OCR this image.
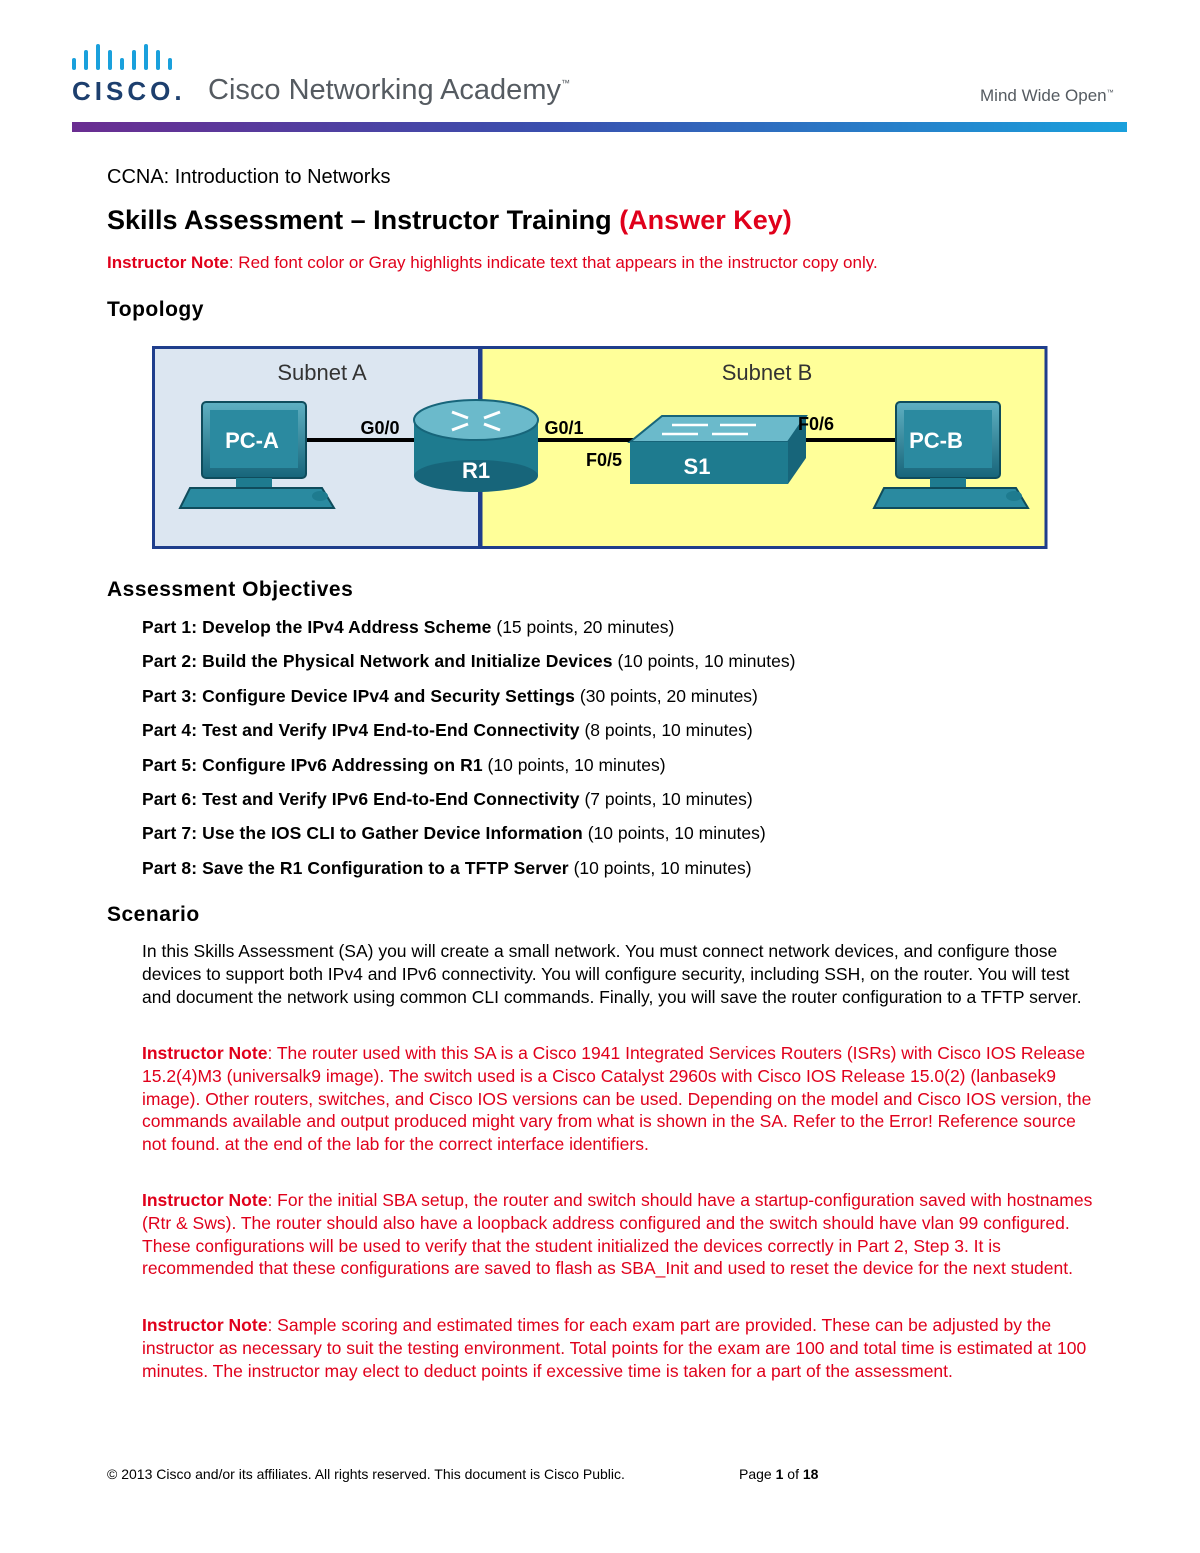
CISCO. Cisco Networking Academy™
Mind Wide Open™
CCNA: Introduction to Networks
Skills Assessment – Instructor Training (Answer Key)
Instructor Note: Red font color or Gray highlights indicate text that appears in the instructor copy only.
Topology
Subnet A	Subnet B
PC-A
R1
G0/0	G0/1
S1
F0/5
F0/6
PC-B
Assessment Objectives
Part 1: Develop the IPv4 Address Scheme (15 points, 20 minutes)
Part 2: Build the Physical Network and Initialize Devices (10 points, 10 minutes)
Part 3: Configure Device IPv4 and Security Settings (30 points, 20 minutes)
Part 4: Test and Verify IPv4 End-to-End Connectivity (8 points, 10 minutes)
Part 5: Configure IPv6 Addressing on R1 (10 points, 10 minutes)
Part 6: Test and Verify IPv6 End-to-End Connectivity (7 points, 10 minutes)
Part 7: Use the IOS CLI to Gather Device Information (10 points, 10 minutes)
Part 8: Save the R1 Configuration to a TFTP Server (10 points, 10 minutes)
Scenario
In this Skills Assessment (SA) you will create a small network. You must connect network devices, and configure those devices to support both IPv4 and IPv6 connectivity. You will configure security, including SSH, on the router. You will test and document the network using common CLI commands. Finally, you will save the router configuration to a TFTP server.
Instructor Note: The router used with this SA is a Cisco 1941 Integrated Services Routers (ISRs) with Cisco IOS Release 15.2(4)M3 (universalk9 image). The switch used is a Cisco Catalyst 2960s with Cisco IOS Release 15.0(2) (lanbasek9 image). Other routers, switches, and Cisco IOS versions can be used. Depending on the model and Cisco IOS version, the commands available and output produced might vary from what is shown in the SA. Refer to the Error! Reference source not found. at the end of the lab for the correct interface identifiers.
Instructor Note: For the initial SBA setup, the router and switch should have a startup-configuration saved with hostnames (Rtr & Sws). The router should also have a loopback address configured and the switch should have vlan 99 configured. These configurations will be used to verify that the student initialized the devices correctly in Part 2, Step 3. It is recommended that these configurations are saved to flash as SBA_Init and used to reset the device for the next student.
Instructor Note: Sample scoring and estimated times for each exam part are provided. These can be adjusted by the instructor as necessary to suit the testing environment. Total points for the exam are 100 and total time is estimated at 100 minutes. The instructor may elect to deduct points if excessive time is taken for a part of the assessment.
© 2013 Cisco and/or its affiliates. All rights reserved. This document is Cisco Public.	Page 1 of 18
